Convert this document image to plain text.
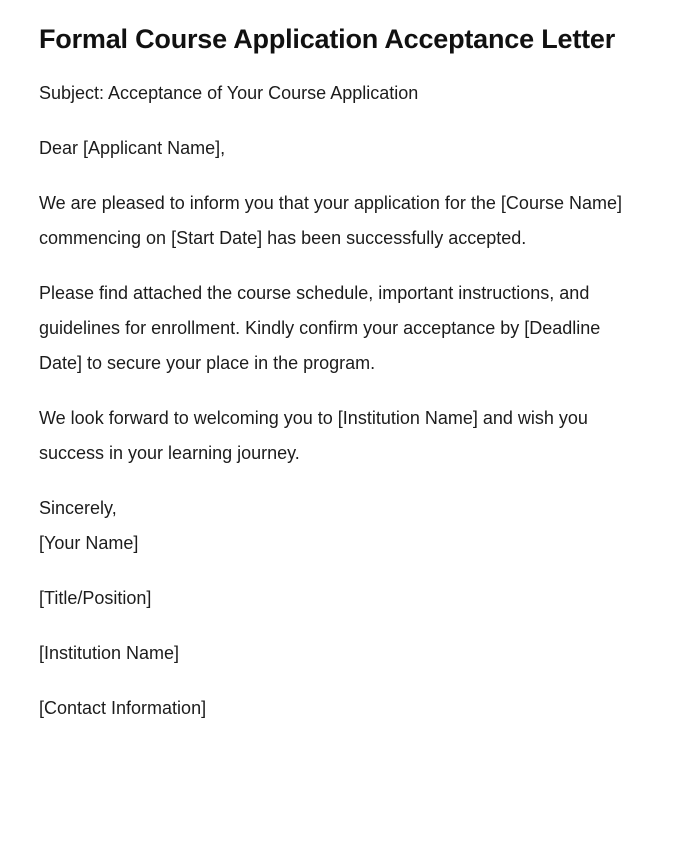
Formal Course Application Acceptance Letter

Subject: Acceptance of Your Course Application

Dear [Applicant Name],

We are pleased to inform you that your application for the [Course Name] commencing on [Start Date] has been successfully accepted.

Please find attached the course schedule, important instructions, and guidelines for enrollment. Kindly confirm your acceptance by [Deadline Date] to secure your place in the program.

We look forward to welcoming you to [Institution Name] and wish you success in your learning journey.

Sincerely,

[Your Name]

[Title/Position]

[Institution Name]

[Contact Information]
